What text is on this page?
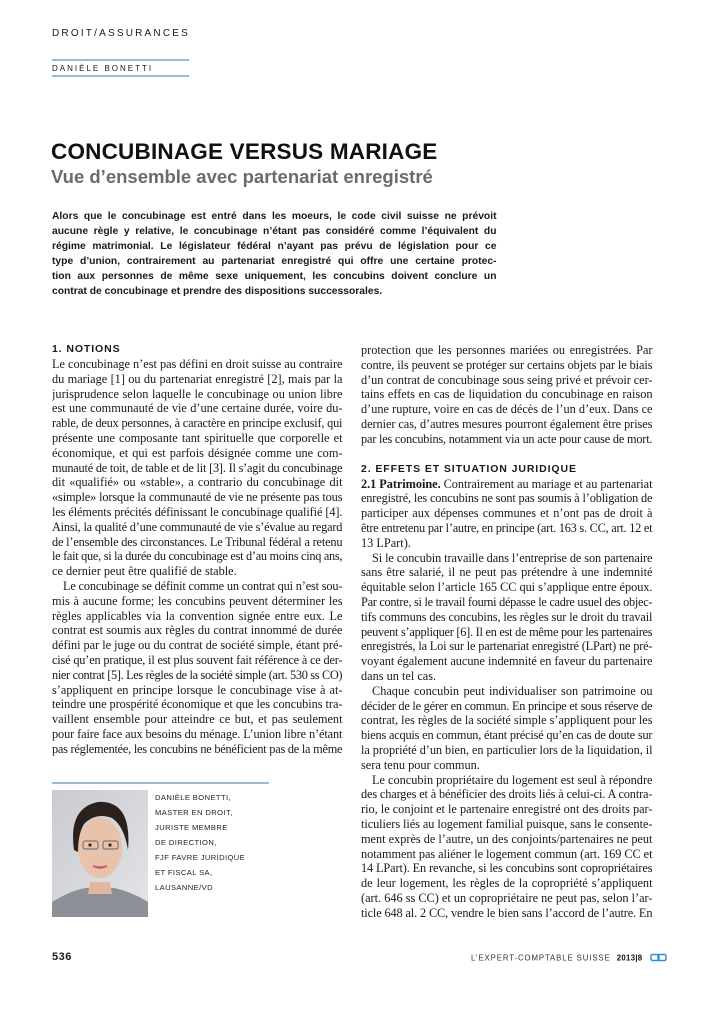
DROIT/ASSURANCES
DANIÈLE BONETTI
CONCUBINAGE VERSUS MARIAGE
Vue d’ensemble avec partenariat enregistré
Alors que le concubinage est entré dans les moeurs, le code civil suisse ne prévoit
aucune règle y relative, le concubinage n’étant pas considéré comme l’équivalent du
régime matrimonial. Le législateur fédéral n’ayant pas prévu de législation pour ce
type d’union, contrairement au partenariat enregistré qui offre une certaine protec-
tion aux personnes de même sexe uniquement, les concubins doivent conclure un
contrat de concubinage et prendre des dispositions successorales.
1. NOTIONS
Le concubinage n’est pas défini en droit suisse au contraire
du mariage [1] ou du partenariat enregistré [2], mais par la
jurisprudence selon laquelle le concubinage ou union libre
est une communauté de vie d’une certaine durée, voire du-
rable, de deux personnes, à caractère en principe exclusif, qui
présente une composante tant spirituelle que corporelle et
économique, et qui est parfois désignée comme une com-
munauté de toit, de table et de lit [3]. Il s’agit du concubinage
dit «qualifié» ou «stable», a contrario du concubinage dit
«simple» lorsque la communauté de vie ne présente pas tous
les éléments précités définissant le concubinage qualifié [4].
Ainsi, la qualité d’une communauté de vie s’évalue au regard
de l’ensemble des circonstances. Le Tribunal fédéral a retenu
le fait que, si la durée du concubinage est d’au moins cinq ans,
ce dernier peut être qualifié de stable.
Le concubinage se définit comme un contrat qui n’est sou-
mis à aucune forme; les concubins peuvent déterminer les
règles applicables via la convention signée entre eux. Le
contrat est soumis aux règles du contrat innommé de durée
défini par le juge ou du contrat de société simple, étant pré-
cisé qu’en pratique, il est plus souvent fait référence à ce der-
nier contrat [5]. Les règles de la société simple (art. 530 ss CO)
s’appliquent en principe lorsque le concubinage vise à at-
teindre une prospérité économique et que les concubins tra-
vaillent ensemble pour atteindre ce but, et pas seulement
pour faire face aux besoins du ménage. L’union libre n’étant
pas réglementée, les concubins ne bénéficient pas de la même
protection que les personnes mariées ou enregistrées. Par
contre, ils peuvent se protéger sur certains objets par le biais
d’un contrat de concubinage sous seing privé et prévoir cer-
tains effets en cas de liquidation du concubinage en raison
d’une rupture, voire en cas de décès de l’un d’eux. Dans ce
dernier cas, d’autres mesures pourront également être prises
par les concubins, notamment via un acte pour cause de mort.
2. EFFETS ET SITUATION JURIDIQUE
2.1 Patrimoine. Contrairement au mariage et au partenariat
enregistré, les concubins ne sont pas soumis à l’obligation de
participer aux dépenses communes et n’ont pas de droit à
être entretenu par l’autre, en principe (art. 163 s. CC, art. 12 et
13 LPart).
Si le concubin travaille dans l’entreprise de son partenaire
sans être salarié, il ne peut pas prétendre à une indemnité
équitable selon l’article 165 CC qui s’applique entre époux.
Par contre, si le travail fourni dépasse le cadre usuel des objec-
tifs communs des concubins, les règles sur le droit du travail
peuvent s’appliquer [6]. Il en est de même pour les partenaires
enregistrés, la Loi sur le partenariat enregistré (LPart) ne pré-
voyant également aucune indemnité en faveur du partenaire
dans un tel cas.
Chaque concubin peut individualiser son patrimoine ou
décider de le gérer en commun. En principe et sous réserve de
contrat, les règles de la société simple s’appliquent pour les
biens acquis en commun, étant précisé qu’en cas de doute sur
la propriété d’un bien, en particulier lors de la liquidation, il
sera tenu pour commun.
Le concubin propriétaire du logement est seul à répondre
des charges et à bénéficier des droits liés à celui-ci. A contra-
rio, le conjoint et le partenaire enregistré ont des droits par-
ticuliers liés au logement familial puisque, sans le consente-
ment exprès de l’autre, un des conjoints/partenaires ne peut
notamment pas aliéner le logement commun (art. 169 CC et
14 LPart). En revanche, si les concubins sont copropriétaires
de leur logement, les règles de la copropriété s’appliquent
(art. 646 ss CC) et un copropriétaire ne peut pas, selon l’ar-
ticle 648 al. 2 CC, vendre le bien sans l’accord de l’autre. En
DANIÈLE BONETTI,
MASTER EN DROIT,
JURISTE MEMBRE
DE DIRECTION,
FJF FAVRE JURIDIQUE
ET FISCAL SA,
LAUSANNE/VD
536	L’EXPERT-COMPTABLE SUISSE 2013|8
